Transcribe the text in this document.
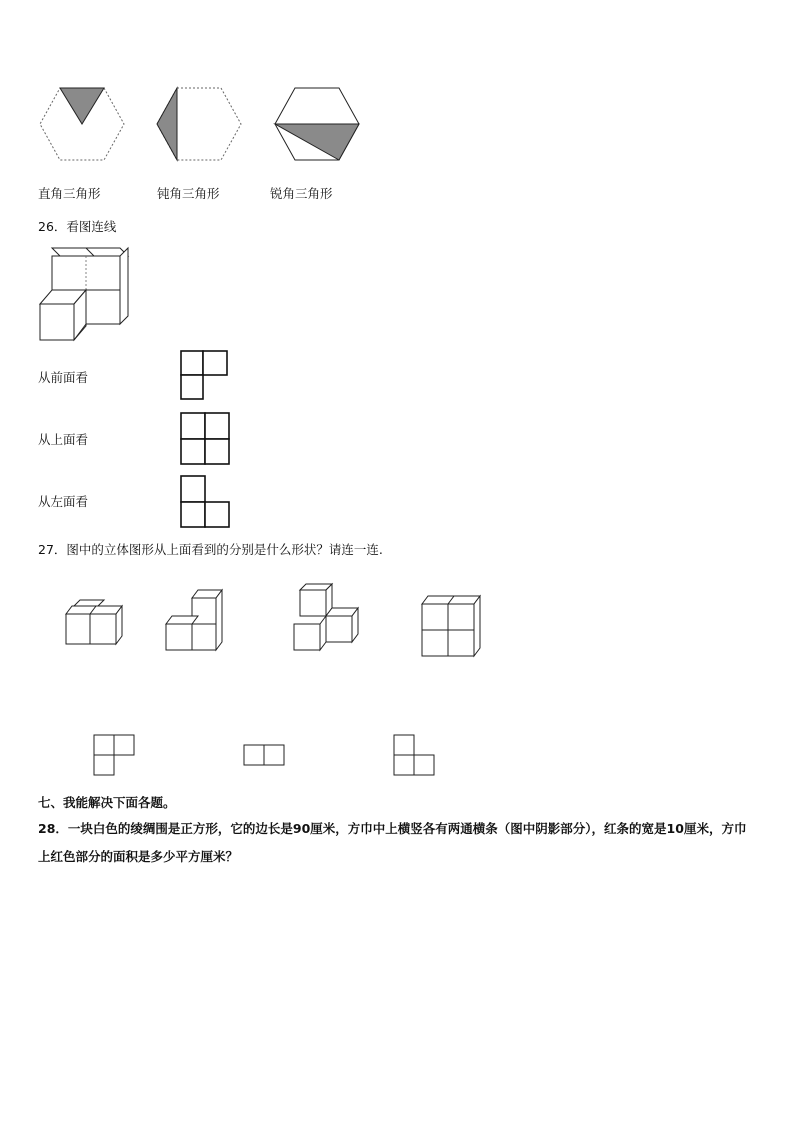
直角三角形	钝角三角形	锐角三角形
26．看图连线
从前面看
从上面看
从左面看
27．图中的立体图形从上面看到的分别是什么形状？请连一连.
七、我能解决下面各题。
28．一块白色的绫绸围是正方形，它的边长是90厘米，方巾中上横竖各有两通横条（图中阴影部分），红条的宽是10厘米，方巾上红色部分的面积是多少平方厘米？
